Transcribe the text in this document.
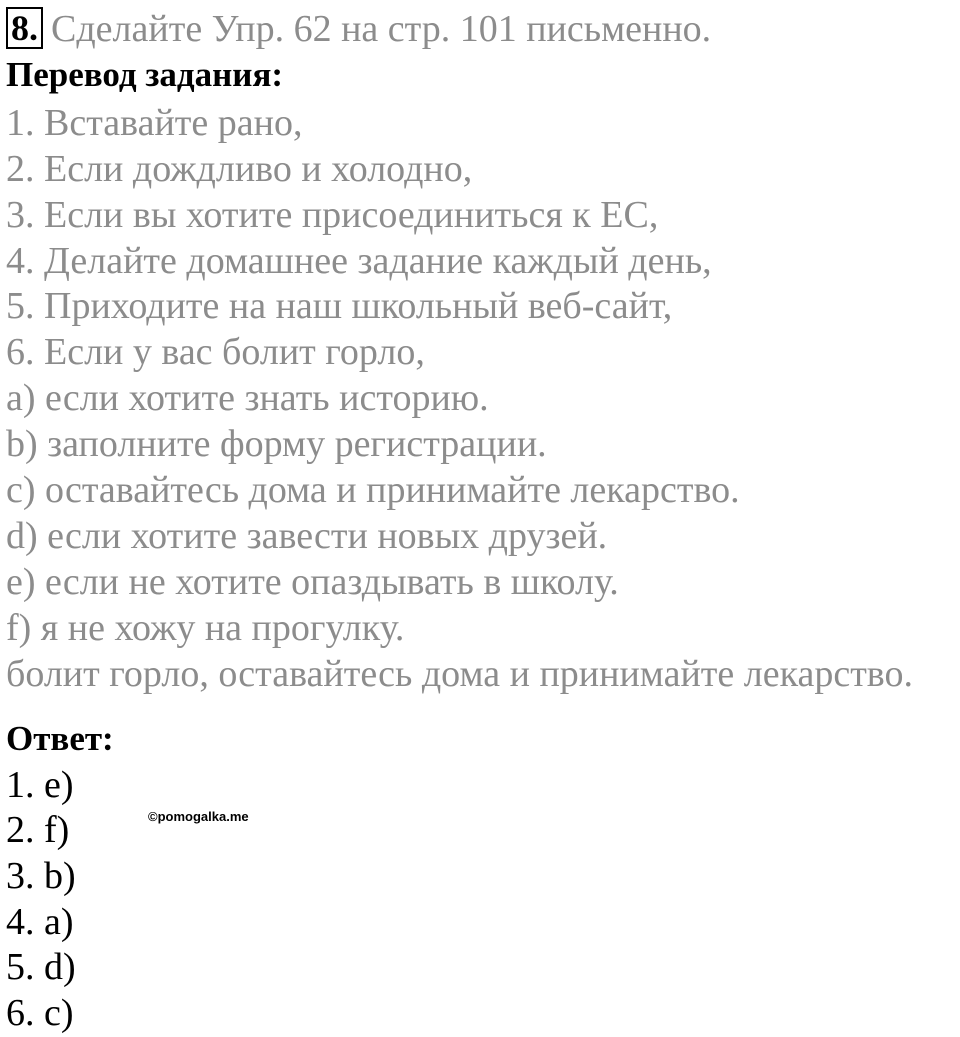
8. Сделайте Упр. 62 на стр. 101 письменно.
Перевод задания:
1. Вставайте рано,
2. Если дождливо и холодно,
3. Если вы хотите присоединиться к ЕС,
4. Делайте домашнее задание каждый день,
5. Приходите на наш школьный веб-сайт,
6. Если у вас болит горло,
a) если хотите знать историю.
b) заполните форму регистрации.
c) оставайтесь дома и принимайте лекарство.
d) если хотите завести новых друзей.
e) если не хотите опаздывать в школу.
f) я не хожу на прогулку.
болит горло, оставайтесь дома и принимайте лекарство.
Ответ:
1. e)
2. f)
3. b)
4. a)
5. d)
6. c)
©pomogalka.me
